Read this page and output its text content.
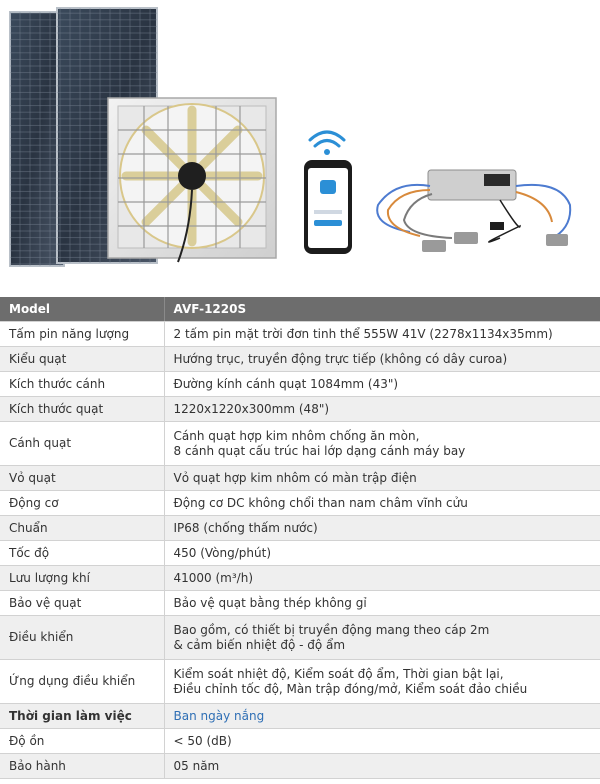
Model	AVF-1220S
Tấm pin năng lượng	2 tấm pin mặt trời đơn tinh thể 555W 41V (2278x1134x35mm)
Kiểu quạt	Hướng trục, truyền động trực tiếp (không có dây curoa)
Kích thước cánh	Đường kính cánh quạt 1084mm (43")
Kích thước quạt	1220x1220x300mm (48")
Cánh quạt	Cánh quạt hợp kim nhôm chống ăn mòn,
8 cánh quạt cấu trúc hai lớp dạng cánh máy bay

Vỏ quạt	Vỏ quạt hợp kim nhôm có màn trập điện
Động cơ	Động cơ DC không chổi than nam châm vĩnh cửu
Chuẩn	IP68 (chống thấm nước)
Tốc độ	450 (Vòng/phút)
Lưu lượng khí	41000 (m³/h)
Bảo vệ quạt	Bảo vệ quạt bằng thép không gỉ
Điều khiển	Bao gồm, có thiết bị truyền động mang theo cáp 2m
& cảm biến nhiệt độ - độ ẩm

Ứng dụng điều khiển	Kiểm soát nhiệt độ, Kiểm soát độ ẩm, Thời gian bật lại,
Điều chỉnh tốc độ, Màn trập đóng/mở, Kiểm soát đảo chiều

Thời gian làm việc	Ban ngày nắng
Độ ồn	< 50 (dB)
Bảo hành	05 năm
